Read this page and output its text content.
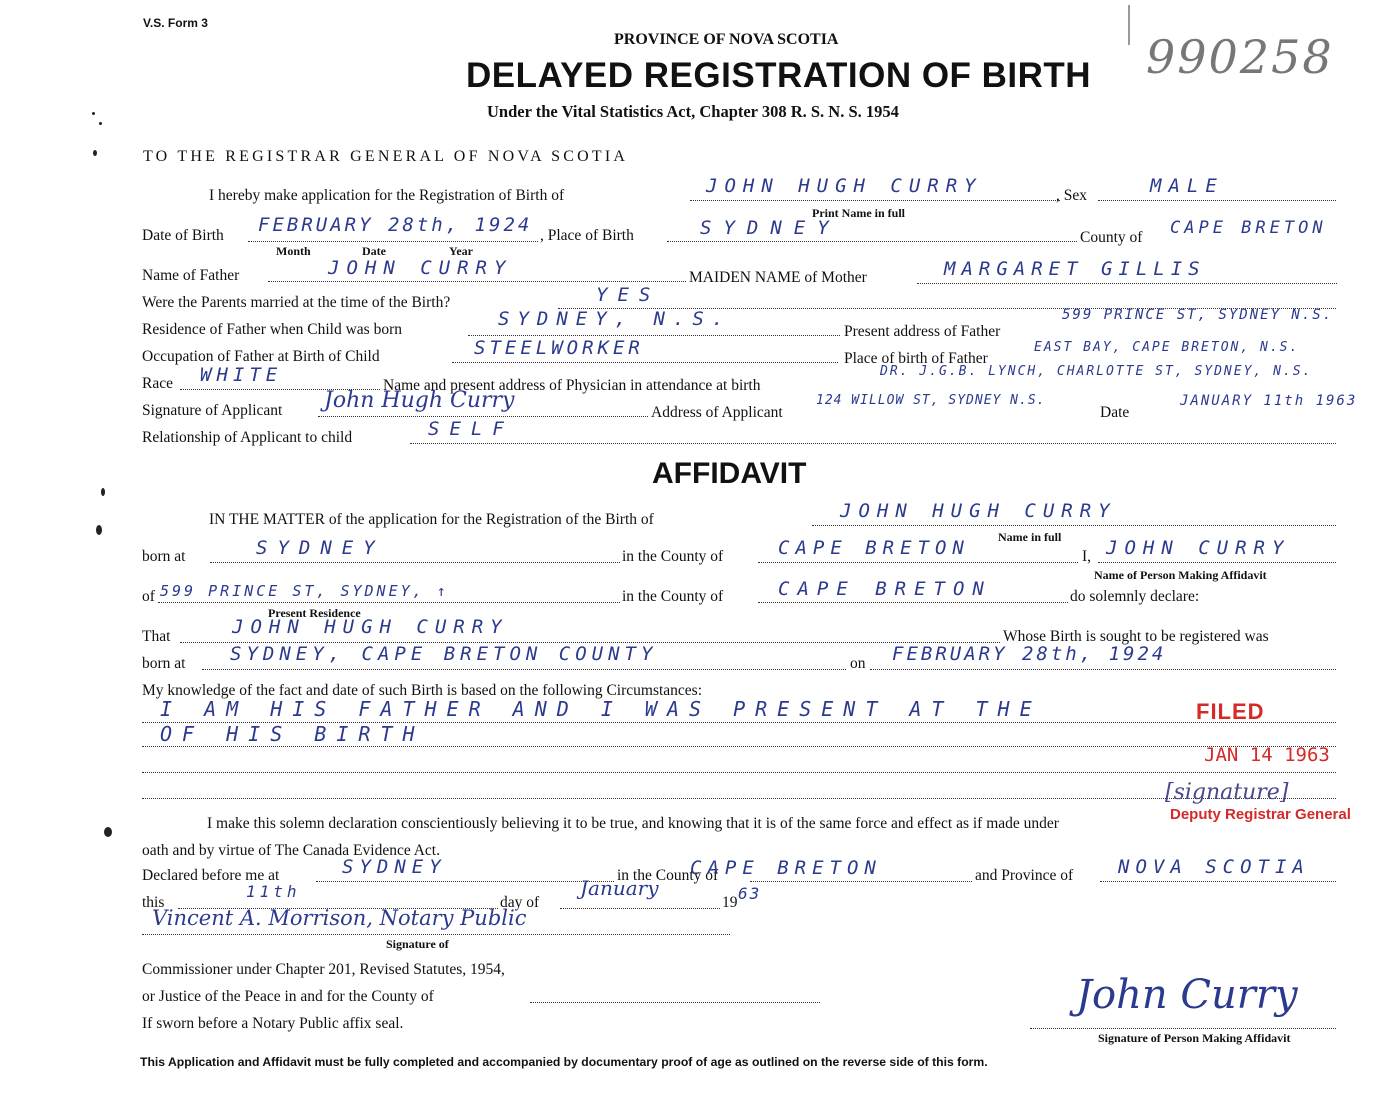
V.S. Form 3
PROVINCE OF NOVA SCOTIA
DELAYED REGISTRATION OF BIRTH
Under the Vital Statistics Act, Chapter 308 R. S. N. S. 1954
990258
TO THE REGISTRAR GENERAL OF NOVA SCOTIA
I hereby make application for the Registration of Birth of	JOHN HUGH CURRY	, Sex	MALE
Print Name in full
Date of Birth FEBRUARY 28th, 1924 , Place of Birth	SYDNEY	County of CAPE BRETON
Month	Date	Year
Name of Father	JOHN CURRY	MAIDEN NAME of Mother	MARGARET GILLIS
Were the Parents married at the time of the Birth?	YES
Residence of Father when Child was born	SYDNEY, N.S.
Present address of Father
599 PRINCE ST, SYDNEY N.S.
Occupation of Father at Birth of Child	STEELWORKER	Place of birth of Father
EAST BAY, CAPE BRETON, N.S.
Race WHITE	Name and present address of Physician in attendance at birth
DR. J.G.B. LYNCH, CHARLOTTE ST, SYDNEY, N.S.
Signature of Applicant John Hugh Curry	Address of Applicant
124 WILLOW ST, SYDNEY N.S.
Date
JANUARY 11th 1963
Relationship of Applicant to child	SELF
AFFIDAVIT
IN THE MATTER of the application for the Registration of the Birth of	JOHN HUGH CURRY
Name in full
born at	SYDNEY	in the County of	CAPE BRETON	I, JOHN CURRY
Name of Person Making Affidavit
of 599 PRINCE ST, SYDNEY, ↑
Present Residence
in the County of	CAPE BRETON	do solemnly declare:
That	JOHN HUGH CURRY	Whose Birth is sought to be registered was
born at SYDNEY, CAPE BRETON COUNTY	on FEBRUARY 28th, 1924
My knowledge of the fact and date of such Birth is based on the following Circumstances:
I AM HIS FATHER AND I WAS PRESENT AT THE
OF HIS BIRTH
FILED
JAN 14 1963
[signature]
Deputy Registrar General
I make this solemn declaration conscientiously believing it to be true, and knowing that it is of the same force and effect as if made under
oath and by virtue of The Canada Evidence Act.
Declared before me at	SYDNEY	in the County of
CAPE BRETON	and Province of NOVA SCOTIA
this
11th
day of
January
19 63
Vincent A. Morrison, Notary Public
Signature of
Commissioner under Chapter 201, Revised Statutes, 1954,
or Justice of the Peace in and for the County of
If sworn before a Notary Public affix seal.
John Curry
Signature of Person Making Affidavit
This Application and Affidavit must be fully completed and accompanied by documentary proof of age as outlined on the reverse side of this form.
